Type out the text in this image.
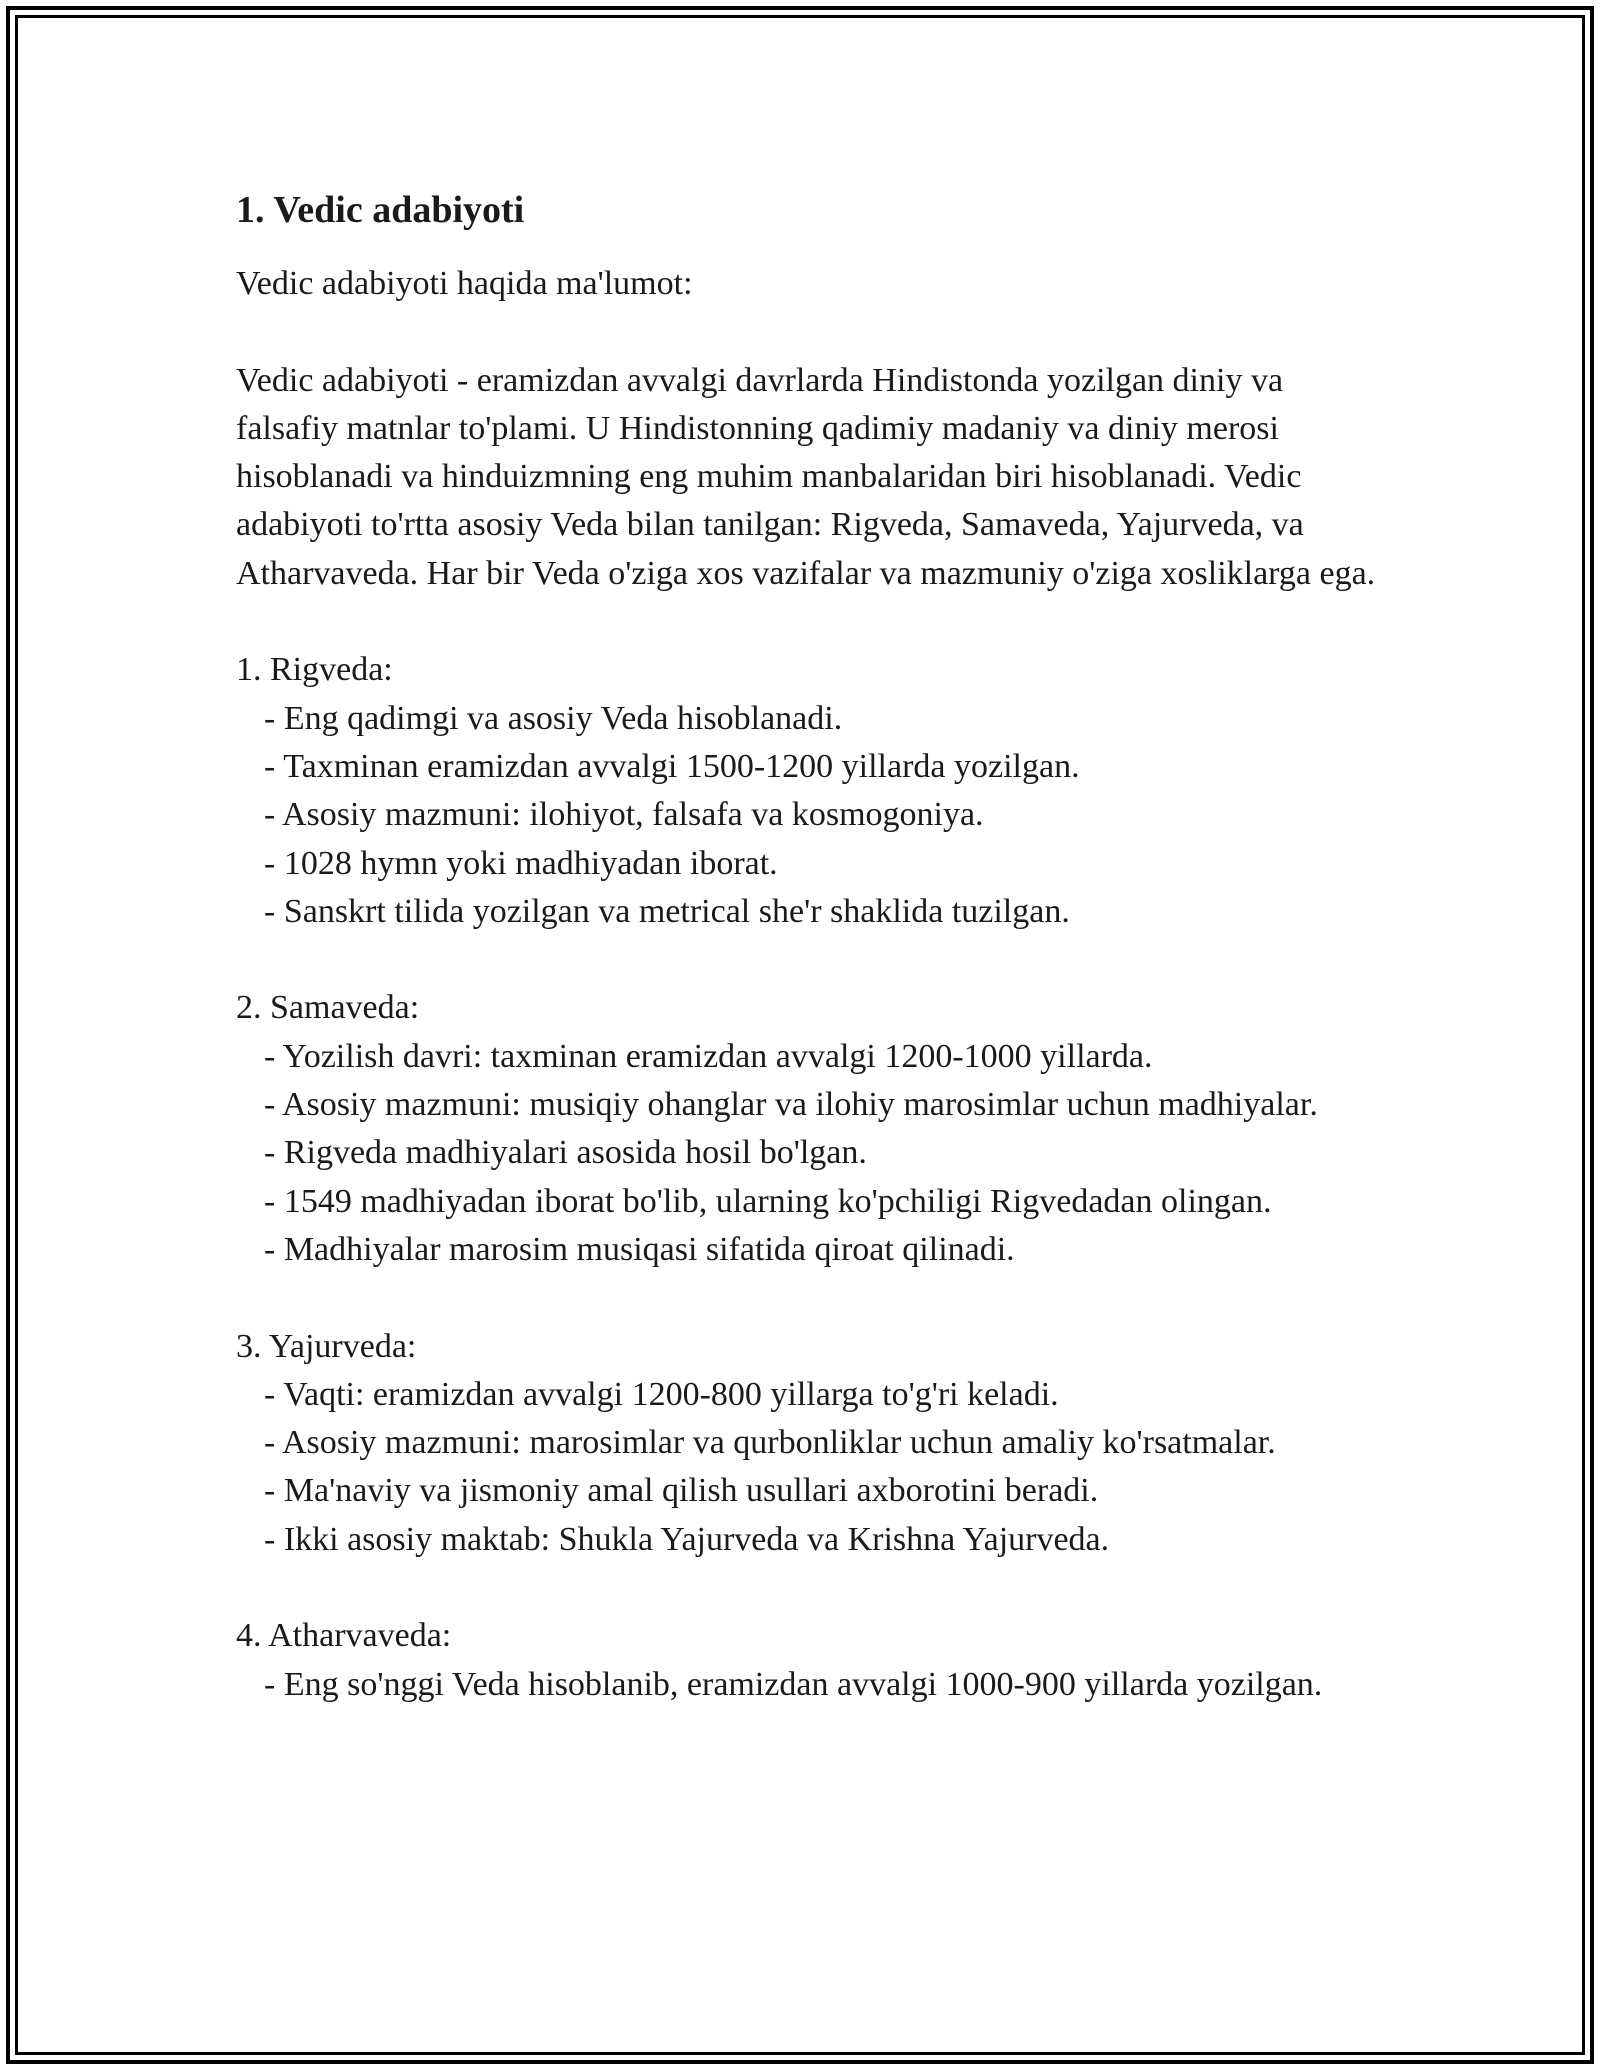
1. Vedic adabiyoti

Vedic adabiyoti haqida ma'lumot:

Vedic adabiyoti - eramizdan avvalgi davrlarda Hindistonda yozilgan diniy va falsafiy matnlar to'plami. U Hindistonning qadimiy madaniy va diniy merosi hisoblanadi va hinduizmning eng muhim manbalaridan biri hisoblanadi. Vedic adabiyoti to'rtta asosiy Veda bilan tanilgan: Rigveda, Samaveda, Yajurveda, va Atharvaveda. Har bir Veda o'ziga xos vazifalar va mazmuniy o'ziga xosliklarga ega.

1. Rigveda:

- Eng qadimgi va asosiy Veda hisoblanadi.

- Taxminan eramizdan avvalgi 1500-1200 yillarda yozilgan.

- Asosiy mazmuni: ilohiyot, falsafa va kosmogoniya.

- 1028 hymn yoki madhiyadan iborat.

- Sanskrt tilida yozilgan va metrical she'r shaklida tuzilgan.

2. Samaveda:

- Yozilish davri: taxminan eramizdan avvalgi 1200-1000 yillarda.

- Asosiy mazmuni: musiqiy ohanglar va ilohiy marosimlar uchun madhiyalar.

- Rigveda madhiyalari asosida hosil bo'lgan.

- 1549 madhiyadan iborat bo'lib, ularning ko'pchiligi Rigvedadan olingan.

- Madhiyalar marosim musiqasi sifatida qiroat qilinadi.

3. Yajurveda:

- Vaqti: eramizdan avvalgi 1200-800 yillarga to'g'ri keladi.

- Asosiy mazmuni: marosimlar va qurbonliklar uchun amaliy ko'rsatmalar.

- Ma'naviy va jismoniy amal qilish usullari axborotini beradi.

- Ikki asosiy maktab: Shukla Yajurveda va Krishna Yajurveda.

4. Atharvaveda:

- Eng so'nggi Veda hisoblanib, eramizdan avvalgi 1000-900 yillarda yozilgan.
